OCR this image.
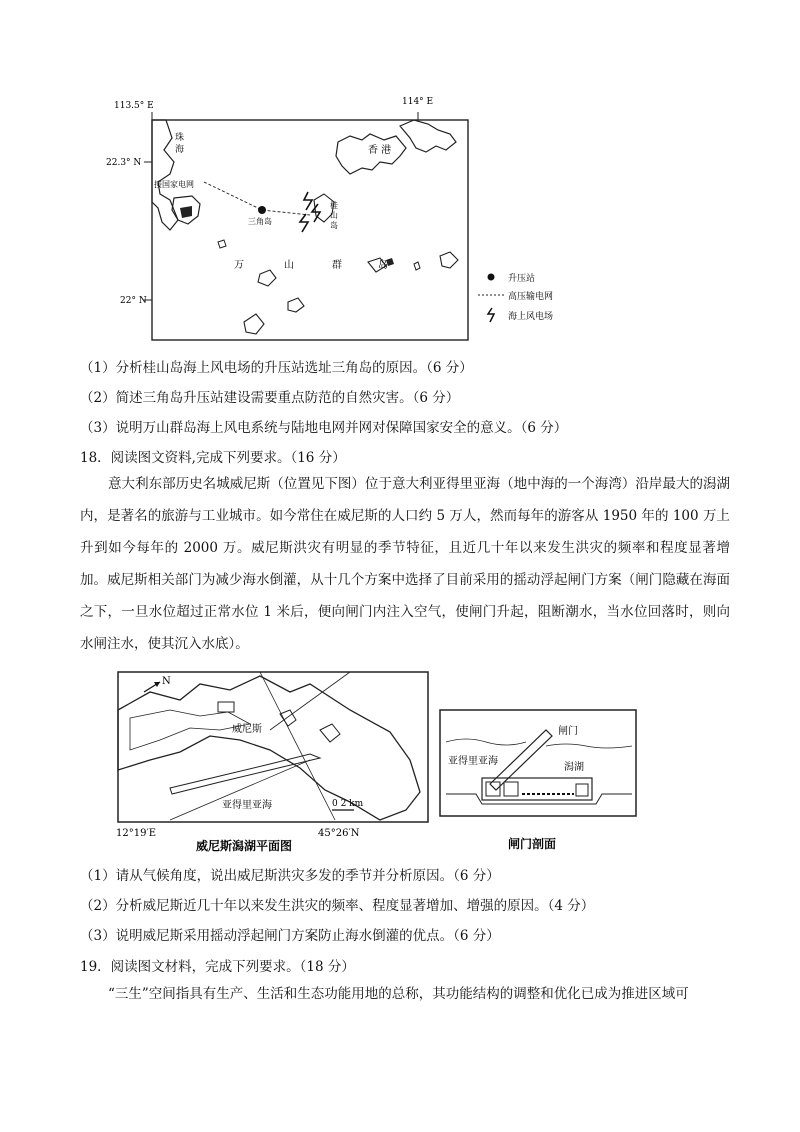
113.5° E	114° E
22.3° N
22° N
珠
海
接国家电网
澳
香 港
三角岛
桂
山
岛
万	山	群	岛
升压站
高压输电网
海上风电场
（1）分析桂山岛海上风电场的升压站选址三角岛的原因。（6 分）
（2）简述三角岛升压站建设需要重点防范的自然灾害。（6 分）
（3）说明万山群岛海上风电系统与陆地电网并网对保障国家安全的意义。（6 分）
18．阅读图文资料,完成下列要求。（16 分）
意大利东部历史名城威尼斯（位置见下图）位于意大利亚得里亚海（地中海的一个海湾）沿岸最大的潟湖内，是著名的旅游与工业城市。如今常住在威尼斯的人口约 5 万人，然而每年的游客从 1950 年的 100 万上升到如今每年的 2000 万。威尼斯洪灾有明显的季节特征，且近几十年以来发生洪灾的频率和程度显著增加。威尼斯相关部门为减少海水倒灌，从十几个方案中选择了目前采用的摇动浮起闸门方案（闸门隐藏在海面之下，一旦水位超过正常水位 1 米后，便向闸门内注入空气，使闸门升起，阻断潮水，当水位回落时，则向水闸注水，使其沉入水底）。
N
威尼斯
亚得里亚海	0 2 km
12°19′E	45°26′N
威尼斯潟湖平面图
闸门
亚得里亚海
潟湖
闸门剖面
（1）请从气候角度，说出威尼斯洪灾多发的季节并分析原因。（6 分）
（2）分析威尼斯近几十年以来发生洪灾的频率、程度显著增加、增强的原因。（4 分）
（3）说明威尼斯采用摇动浮起闸门方案防止海水倒灌的优点。（6 分）
19．阅读图文材料，完成下列要求。（18 分）
“三生”空间指具有生产、生活和生态功能用地的总称，其功能结构的调整和优化已成为推进区域可
